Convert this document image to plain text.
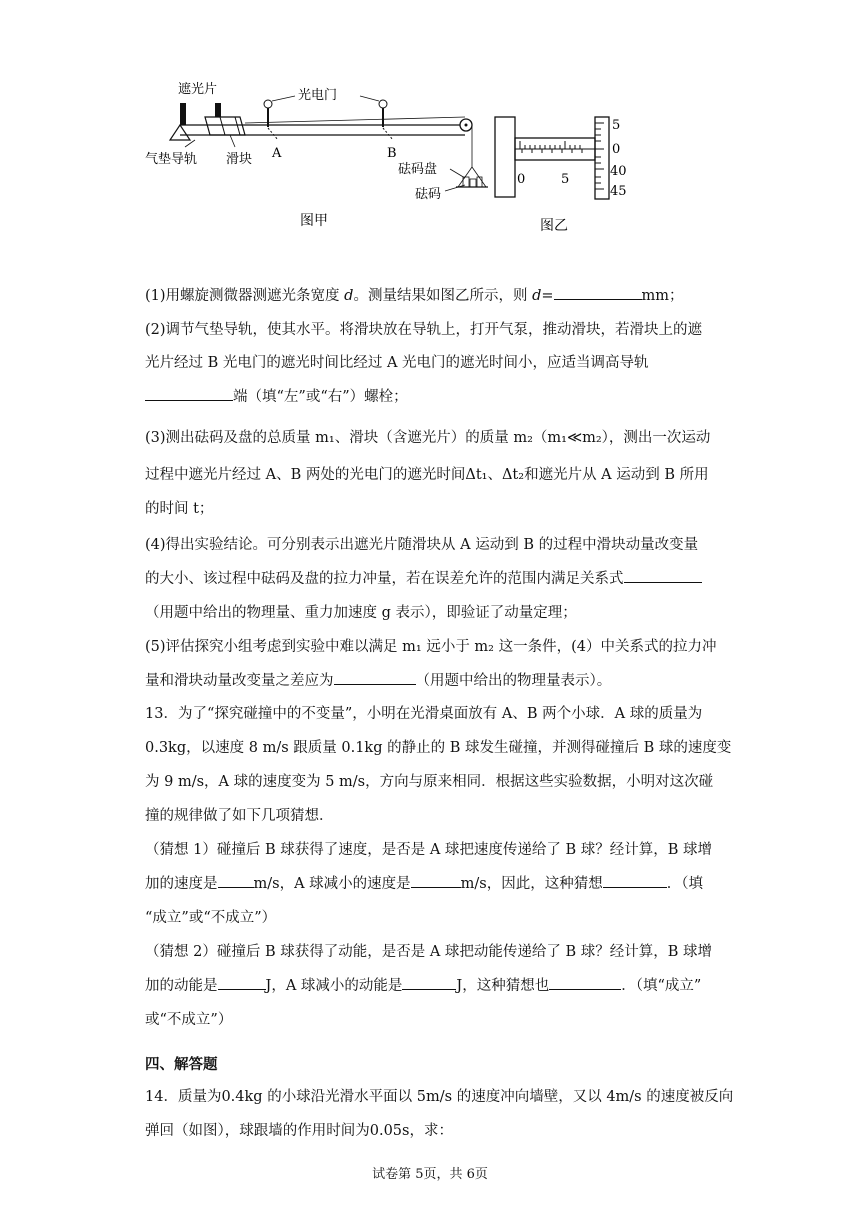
遮光片	光电门
A	B
气垫导轨 滑块
砝码盘
砝码
图甲
5
0
40
45
0	5
图乙
(1)用螺旋测微器测遮光条宽度 d。测量结果如图乙所示，则 d=	mm；
(2)调节气垫导轨，使其水平。将滑块放在导轨上，打开气泵，推动滑块，若滑块上的遮
光片经过 B 光电门的遮光时间比经过 A 光电门的遮光时间小，应适当调高导轨
端（填“左”或“右”）螺栓；
(3)测出砝码及盘的总质量 m₁、滑块（含遮光片）的质量 m₂（m₁≪m₂），测出一次运动
过程中遮光片经过 A、B 两处的光电门的遮光时间Δt₁、Δt₂和遮光片从 A 运动到 B 所用
的时间 t；
(4)得出实验结论。可分别表示出遮光片随滑块从 A 运动到 B 的过程中滑块动量改变量
的大小、该过程中砝码及盘的拉力冲量，若在误差允许的范围内满足关系式
（用题中给出的物理量、重力加速度 g 表示），即验证了动量定理；
(5)评估探究小组考虑到实验中难以满足 m₁ 远小于 m₂ 这一条件，(4）中关系式的拉力冲
量和滑块动量改变量之差应为	（用题中给出的物理量表示）。
13．为了“探究碰撞中的不变量”，小明在光滑桌面放有 A、B 两个小球．A 球的质量为
0.3kg，以速度 8 m/s 跟质量 0.1kg 的静止的 B 球发生碰撞，并测得碰撞后 B 球的速度变
为 9 m/s，A 球的速度变为 5 m/s，方向与原来相同．根据这些实验数据，小明对这次碰
撞的规律做了如下几项猜想．
（猜想 1）碰撞后 B 球获得了速度，是否是 A 球把速度传递给了 B 球？经计算，B 球增
加的速度是 m/s，A 球减小的速度是	m/s，因此，这种猜想	．（填
“成立”或“不成立”）
（猜想 2）碰撞后 B 球获得了动能，是否是 A 球把动能传递给了 B 球？经计算，B 球增
加的动能是	J，A 球减小的动能是	J，这种猜想也	．（填“成立”
或“不成立”）
四、解答题
14．质量为0.4kg 的小球沿光滑水平面以 5m/s 的速度冲向墙壁，又以 4m/s 的速度被反向
弹回（如图），球跟墙的作用时间为0.05s，求：
试卷第 5页，共 6页
